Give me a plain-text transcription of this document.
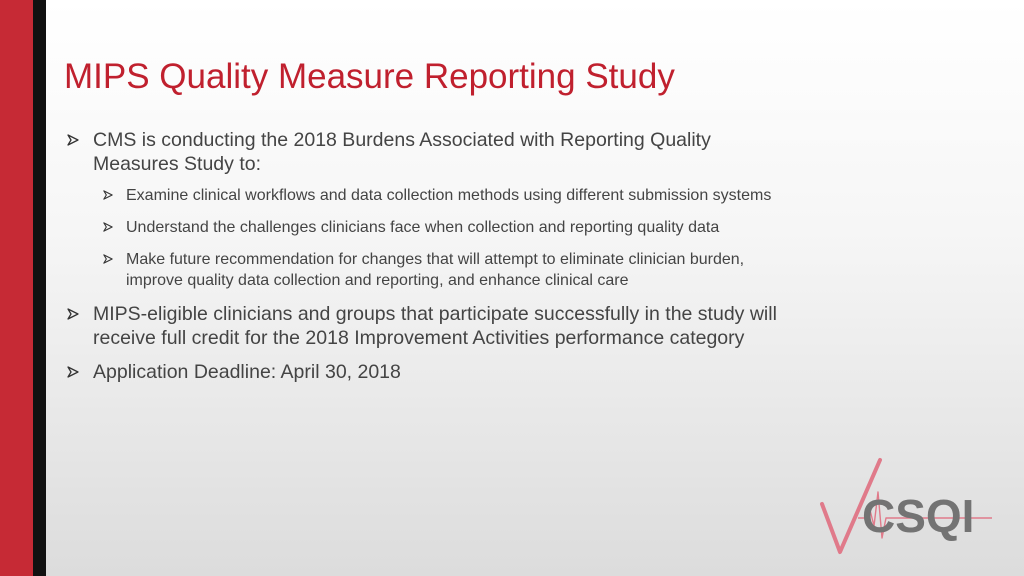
MIPS Quality Measure Reporting Study
CMS is conducting the 2018 Burdens Associated with Reporting Quality Measures Study to:
Examine clinical workflows and data collection methods using different submission systems
Understand the challenges clinicians face when collection and reporting quality data
Make future recommendation for changes that will attempt to eliminate clinician burden, improve quality data collection and reporting, and enhance clinical care
MIPS-eligible clinicians and groups that participate successfully in the study will receive full credit for the 2018 Improvement Activities performance category
Application Deadline: April 30, 2018
CSQI
